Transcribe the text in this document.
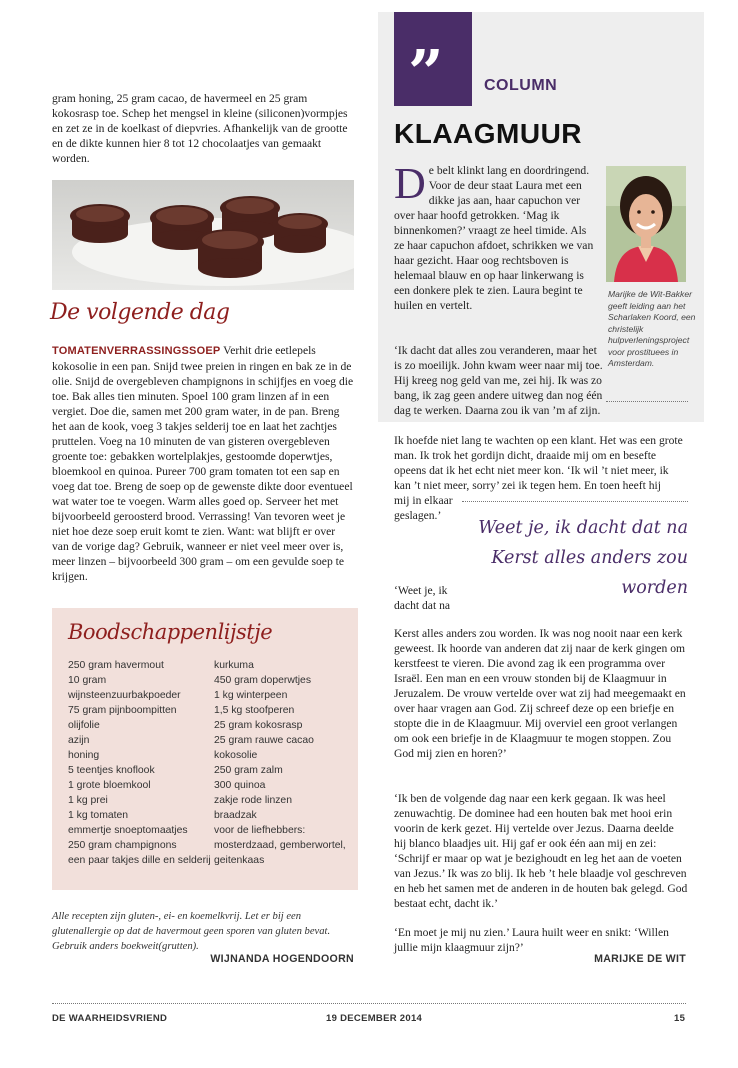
gram honing, 25 gram cacao, de havermeel en 25 gram kokosrasp toe. Schep het mengsel in kleine (siliconen)vormpjes en zet ze in de koelkast of diepvries. Afhankelijk van de grootte en de dikte kunnen hier 8 tot 12 chocolaatjes van gemaakt worden.

De volgende dag

TOMATENVERRASSINGSSOEP Verhit drie eetlepels kokosolie in een pan. Snijd twee preien in ringen en bak ze in de olie. Snijd de overgebleven champignons in schijfjes en voeg die toe. Bak alles tien minuten. Spoel 100 gram linzen af in een vergiet. Doe die, samen met 200 gram water, in de pan. Breng het aan de kook, voeg 3 takjes selderij toe en laat het zachtjes pruttelen. Voeg na 10 minuten de van gisteren overgebleven groente toe: gebakken wortelplakjes, gestoomde doperwtjes, bloemkool en quinoa. Pureer 700 gram tomaten tot een sap en voeg dat toe. Breng de soep op de gewenste dikte door eventueel wat water toe te voegen. Warm alles goed op. Serveer het met bijvoorbeeld geroosterd brood. Verrassing! Van tevoren weet je niet hoe deze soep eruit komt te zien. Want: wat blijft er over van de vorige dag? Gebruik, wanneer er niet veel meer over is, meer linzen – bijvoorbeeld 300 gram – om een gevulde soep te krijgen.

Boodschappenlijstje
250 gram havermout
10 gram wijnsteenzuurbakpoeder
75 gram pijnboompitten
olijfolie
azijn
honing
5 teentjes knoflook
1 grote bloemkool
1 kg prei
1 kg tomaten
emmertje snoeptomaatjes
250 gram champignons
een paar takjes dille en selderij
kurkuma
450 gram doperwtjes
1 kg winterpeen
1,5 kg stoofperen
25 gram kokosrasp
25 gram rauwe cacao
kokosolie
250 gram zalm
300 quinoa
zakje rode linzen
braadzak
voor de liefhebbers: mosterdzaad, gemberwortel, geitenkaas

Alle recepten zijn gluten-, ei- en koemelkvrij. Let er bij een glutenallergie op dat de havermout geen sporen van gluten bevat. Gebruik anders boekweit(grutten).

WIJNANDA HOGENDOORN
”	COLUMN
KLAAGMUUR

De belt klinkt lang en doordringend. Voor de deur staat Laura met een dikke jas aan, haar capuchon ver over haar hoofd getrokken. ‘Mag ik binnenkomen?’ vraagt ze heel timide. Als ze haar capuchon afdoet, schrikken we van haar gezicht. Haar oog rechtsboven is helemaal blauw en op haar linkerwang is een donkere plek te zien. Laura begint te huilen en vertelt.

Marijke de Wit-Bakker geeft leiding aan het Scharlaken Koord, een christelijk hulpverleningsproject voor prostituees in Amsterdam.

‘Ik dacht dat alles zou veranderen, maar het is zo moeilijk. John kwam weer naar mij toe. Hij kreeg nog geld van me, zei hij. Ik was zo bang, ik zag geen andere uitweg dan nog één dag te werken. Daarna zou ik van ’m af zijn.

Ik hoefde niet lang te wachten op een klant. Het was een grote man. Ik trok het gordijn dicht, draaide mij om en besefte opeens dat ik het echt niet meer kon. ‘Ik wil ’t niet meer, ik kan ’t niet meer, sorry’ zei ik tegen hem. En toen heeft hij

mij in elkaar geslagen.’

Weet je, ik dacht dat na Kerst alles anders zou worden

‘Weet je, ik dacht dat na

Kerst alles anders zou worden. Ik was nog nooit naar een kerk geweest. Ik hoorde van anderen dat zij naar de kerk gingen om kerstfeest te vieren. Die avond zag ik een programma over Israël. Een man en een vrouw stonden bij de Klaagmuur in Jeruzalem. De vrouw vertelde over wat zij had meegemaakt en over haar vragen aan God. Zij schreef deze op een briefje en stopte die in de Klaagmuur. Mij overviel een groot verlangen om ook een briefje in de Klaagmuur te mogen stoppen. Zou God mij zien en horen?’

‘Ik ben de volgende dag naar een kerk gegaan. Ik was heel zenuwachtig. De dominee had een houten bak met hooi erin voorin de kerk gezet. Hij vertelde over Jezus. Daarna deelde hij blanco blaadjes uit. Hij gaf er ook één aan mij en zei: ‘Schrijf er maar op wat je bezighoudt en leg het aan de voeten van Jezus.’ Ik was zo blij. Ik heb ’t hele blaadje vol geschreven en heb het samen met de anderen in de houten bak gelegd. God bestaat echt, dacht ik.’

‘En moet je mij nu zien.’ Laura huilt weer en snikt: ‘Willen jullie mijn klaagmuur zijn?’

MARIJKE DE WIT
DE WAARHEIDSVRIEND	19 DECEMBER 2014	15
